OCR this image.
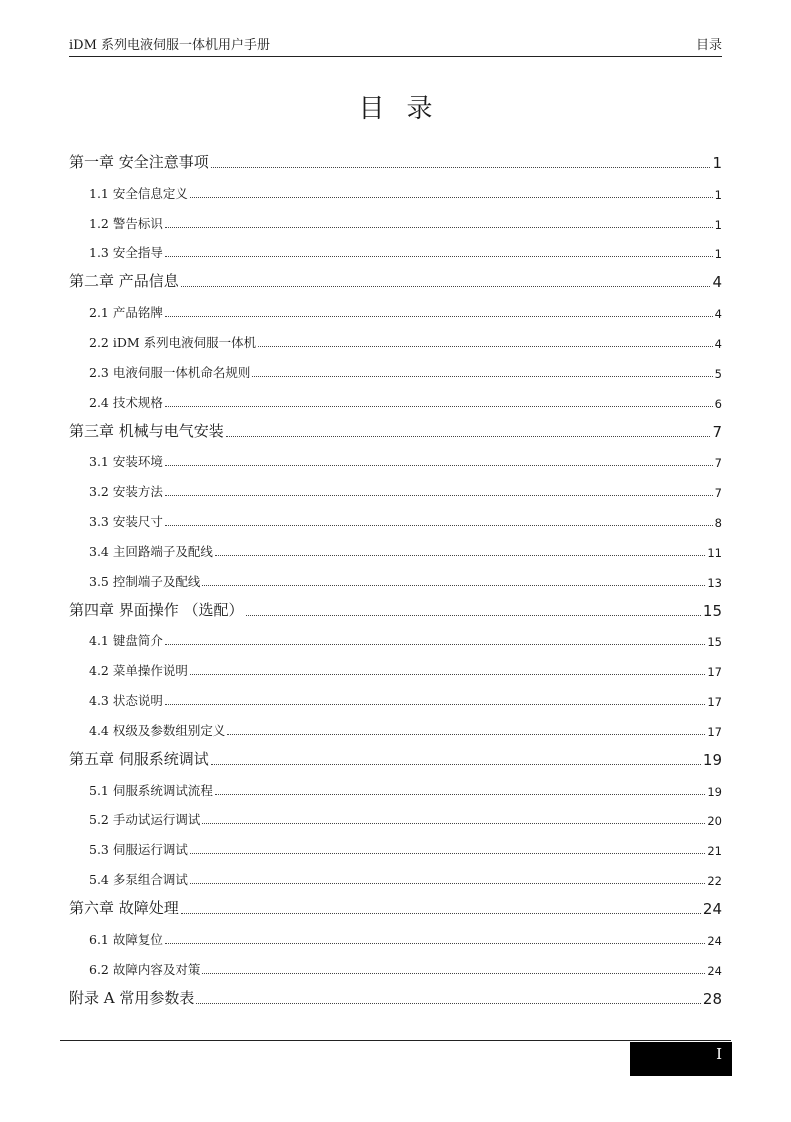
iDM 系列电液伺服一体机用户手册	目录
目录
第一章 安全注意事项	1
1.1 安全信息定义	1
1.2 警告标识	1
1.3 安全指导	1
第二章 产品信息	4
2.1 产品铭牌	4
2.2 iDM 系列电液伺服一体机	4
2.3 电液伺服一体机命名规则	5
2.4 技术规格	6
第三章 机械与电气安装	7
3.1 安装环境	7
3.2 安装方法	7
3.3 安装尺寸	8
3.4 主回路端子及配线	11
3.5 控制端子及配线	13
第四章 界面操作 （选配）	15
4.1 键盘简介	15
4.2 菜单操作说明	17
4.3 状态说明	17
4.4 权级及参数组别定义	17
第五章 伺服系统调试	19
5.1 伺服系统调试流程	19
5.2 手动试运行调试	20
5.3 伺服运行调试	21
5.4 多泵组合调试	22
第六章 故障处理	24
6.1 故障复位	24
6.2 故障内容及对策	24
附录 A 常用参数表	28
I
